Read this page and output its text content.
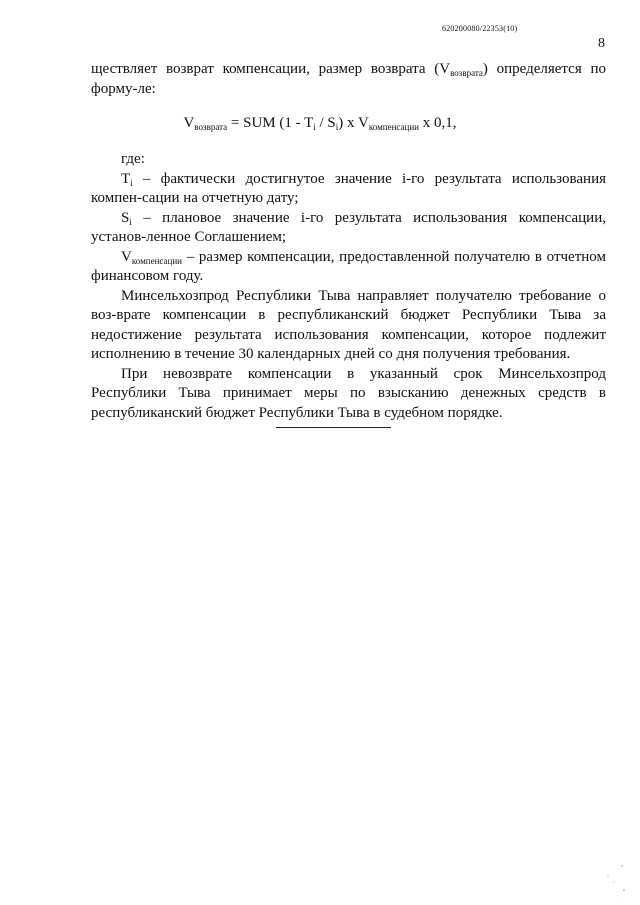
620200080/22353(10)
8
ществляет возврат компенсации, размер возврата $(V_{возврата})$ определяется по форму-ле:
$V_{возврата}$ = SUM $(1 - T_i / S_i)$ x $V_{компенсации}$ x 0,1,

где:

$T_i$ – фактически достигнутое значение i-го результата использования компен-сации на отчетную дату;

$S_i$ – плановое значение i-го результата использования компенсации, установ-ленное Соглашением;

$V_{компенсации}$ – размер компенсации, предоставленной получателю в отчетном финансовом году.

Минсельхозпрод Республики Тыва направляет получателю требование о воз-врате компенсации в республиканский бюджет Республики Тыва за недостижение результата использования компенсации, которое подлежит исполнению в течение 30 календарных дней со дня получения требования.

При невозврате компенсации в указанный срок Минсельхозпрод Республики Тыва принимает меры по взысканию денежных средств в республиканский бюджет Республики Тыва в судебном порядке.
